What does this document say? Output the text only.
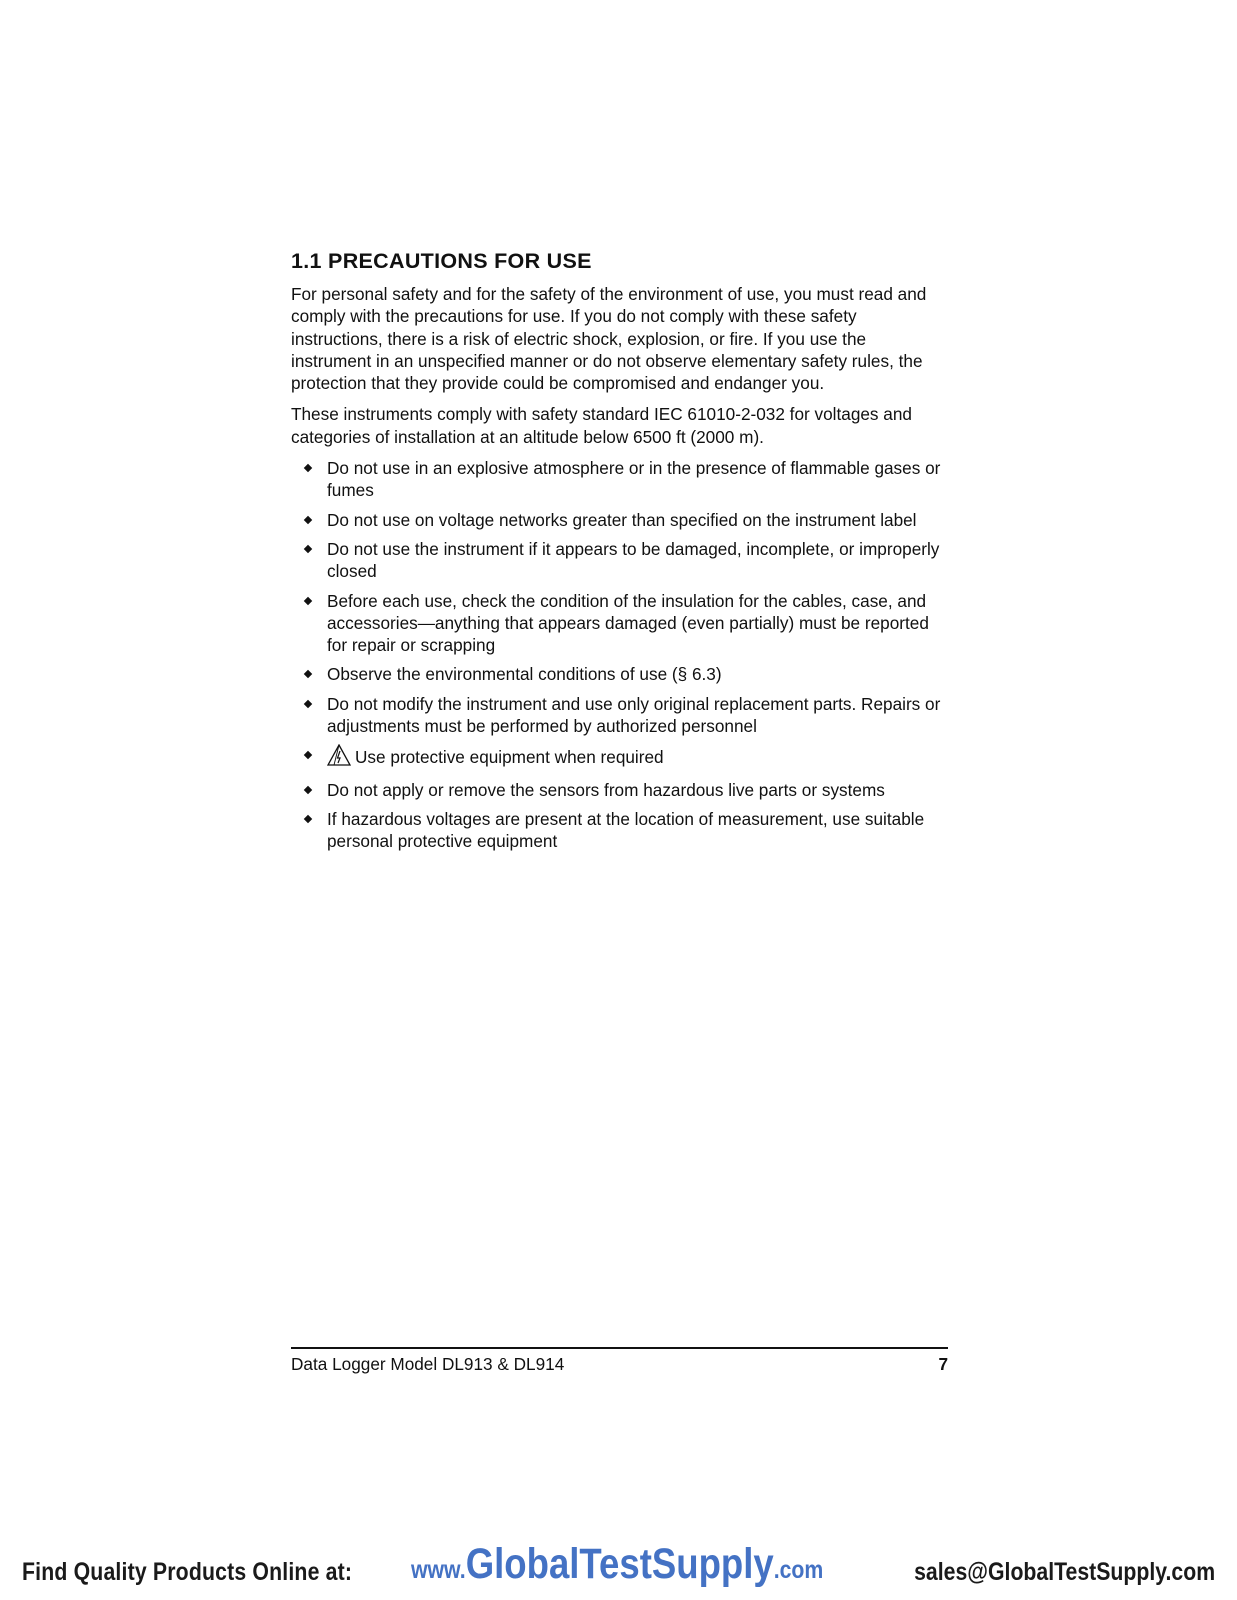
1.1 PRECAUTIONS FOR USE

For personal safety and for the safety of the environment of use, you must read and comply with the precautions for use. If you do not comply with these safety instructions, there is a risk of electric shock, explosion, or fire. If you use the instrument in an unspecified manner or do not observe elementary safety rules, the protection that they provide could be compromised and endanger you.

These instruments comply with safety standard IEC 61010-2-032 for voltages and categories of installation at an altitude below 6500 ft (2000 m).

Do not use in an explosive atmosphere or in the presence of flammable gases or fumes
Do not use on voltage networks greater than specified on the instrument label
Do not use the instrument if it appears to be damaged, incomplete, or improperly closed
Before each use, check the condition of the insulation for the cables, case, and accessories—anything that appears damaged (even partially) must be reported for repair or scrapping
Observe the environmental conditions of use (§ 6.3)
Do not modify the instrument and use only original replacement parts. Repairs or adjustments must be performed by authorized personnel
Use protective equipment when required
Do not apply or remove the sensors from hazardous live parts or systems
If hazardous voltages are present at the location of measurement, use suitable personal protective equipment
Data Logger Model DL913 & DL914	7
Find Quality Products Online at: www.GlobalTestSupply.com	sales@GlobalTestSupply.com
